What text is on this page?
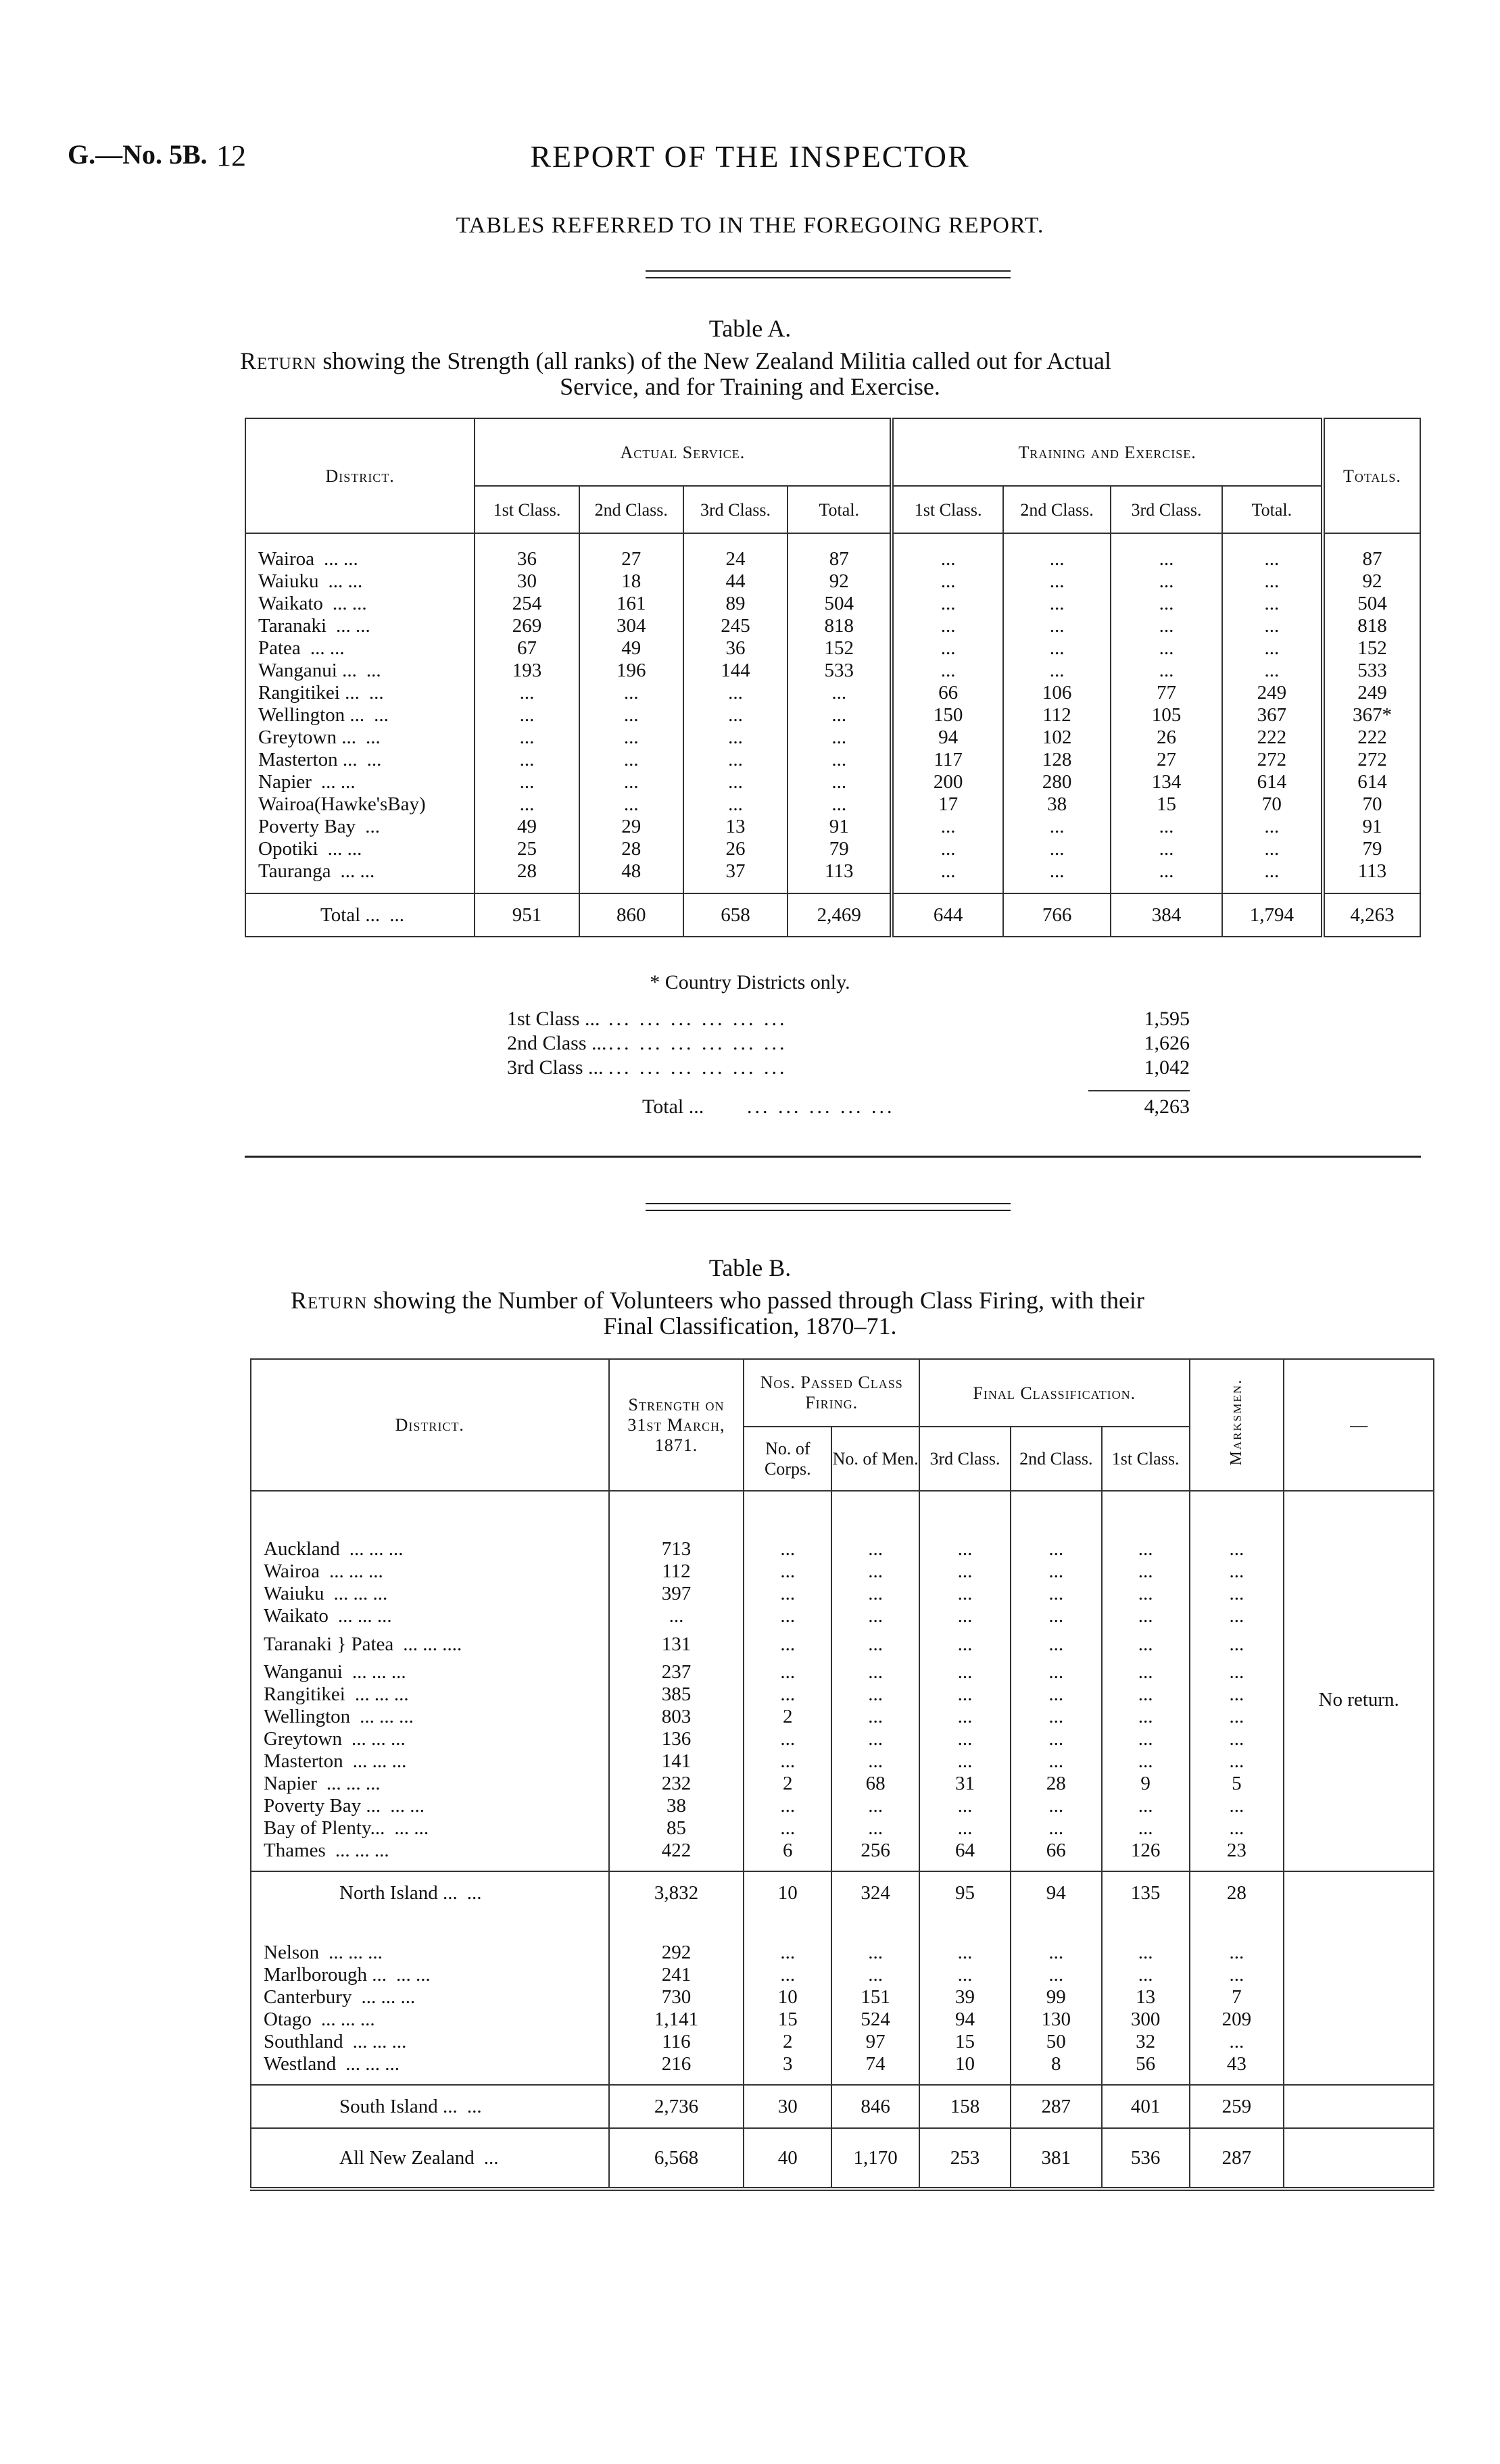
G.—No. 5B. 12	REPORT OF THE INSPECTOR
TABLES REFERRED TO IN THE FOREGOING REPORT.
Table A.
Return showing the Strength (all ranks) of the New Zealand Militia called out for Actual
Service, and for Training and Exercise.
District.	Actual Service.				Training and Exercise.				Totals.
	1st Class.	2nd Class.	3rd Class.	Total.	1st Class.	2nd Class.	3rd Class.	Total.	

Wairoa ... ...	36	27	24	87	...	...	...	...	87
Waiuku ... ...	30	18	44	92	...	...	...	...	92
Waikato ... ...	254	161	89	504	...	...	...	...	504
Taranaki ... ...	269	304	245	818	...	...	...	...	818
Patea ... ...	67	49	36	152	...	...	...	...	152
Wanganui ... ...	193	196	144	533	...	...	...	...	533
Rangitikei ... ...	...	...	...	...	66	106	77	249	249
Wellington ... ...	...	...	...	...	150	112	105	367	367*
Greytown ... ...	...	...	...	...	94	102	26	222	222
Masterton ... ...	...	...	...	...	117	128	27	272	272
Napier ... ...	...	...	...	...	200	280	134	614	614
Wairoa(Hawke'sBay)	...	...	...	...	17	38	15	70	70
Poverty Bay ...	49	29	13	91	...	...	...	...	91
Opotiki ... ...	25	28	26	79	...	...	...	...	79
Tauranga ... ...	28	48	37	113	...	...	...	...	113

Total ... ...	951	860	658	2,469	644	766	384	1,794	4,263
* Country Districts only.
1st Class ... ... ... ... ... ... ...	1,595
2nd Class ... ... ... ... ... ... ...	1,626
3rd Class ... ... ... ... ... ... ...	1,042
Total ... ... ... ... ... ...	4,263
Table B.
Return showing the Number of Volunteers who passed through Class Firing, with their
Final Classification, 1870–71.
District.	Strength on 31st March, 1871.	Nos. Passed Class Firing.		Final Classification.			Marksmen.	—
		No. of Corps.	No. of Men.	3rd Class.	2nd Class.	1st Class.		

Auckland ... ... ...	713	...	...	...	...	...	...	No return.
Wairoa ... ... ...	112	...	...	...	...	...	...	
Waiuku ... ... ...	397	...	...	...	...	...	...	
Waikato ... ... ...	...	...	...	...	...	...	...	
Taranaki } Patea ... ... ....	131	...	...	...	...	...	...	
Wanganui ... ... ...	237	...	...	...	...	...	...	
Rangitikei ... ... ...	385	...	...	...	...	...	...	
Wellington ... ... ...	803	2	...	...	...	...	...	
Greytown ... ... ...	136	...	...	...	...	...	...	
Masterton ... ... ...	141	...	...	...	...	...	...	
Napier ... ... ...	232	2	68	31	28	9	5	
Poverty Bay ... ... ...	38	...	...	...	...	...	...	
Bay of Plenty... ... ...	85	...	...	...	...	...	...	
Thames ... ... ...	422	6	256	64	66	126	23	

North Island ... ...	3,832	10	324	95	94	135	28	

Nelson ... ... ...	292	...	...	...	...	...	...	
Marlborough ... ... ...	241	...	...	...	...	...	...	
Canterbury ... ... ...	730	10	151	39	99	13	7	
Otago ... ... ...	1,141	15	524	94	130	300	209	
Southland ... ... ...	116	2	97	15	50	32	...	
Westland ... ... ...	216	3	74	10	8	56	43	

South Island ... ...	2,736	30	846	158	287	401	259	
All New Zealand ...	6,568	40	1,170	253	381	536	287	
